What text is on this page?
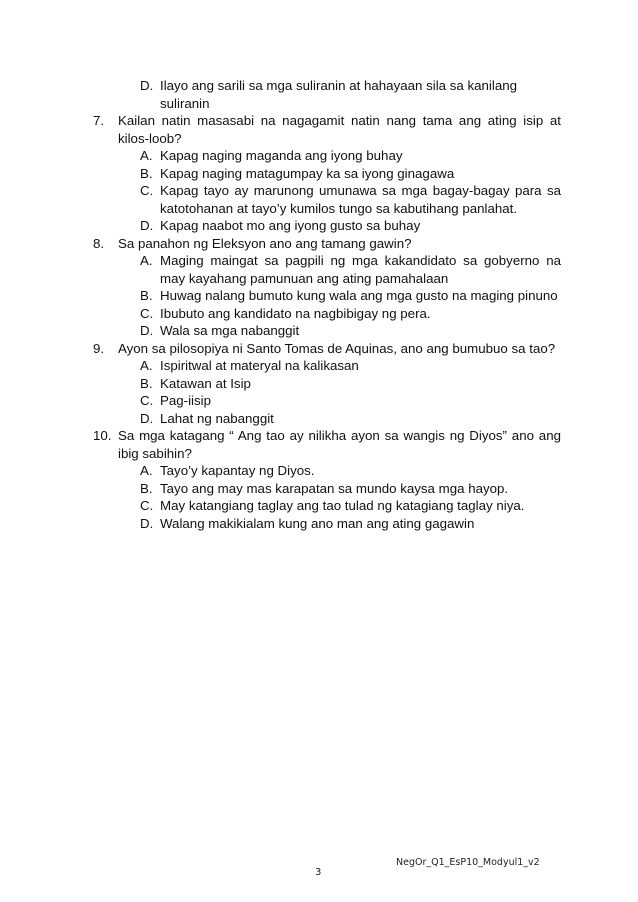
D. Ilayo ang sarili sa mga suliranin at hahayaan sila sa kanilang suliranin
7.	Kailan natin masasabi na nagagamit natin nang tama ang ating isip at kilos-loob?
A. Kapag naging maganda ang iyong buhay
B. Kapag naging matagumpay ka sa iyong ginagawa
C. Kapag tayo ay marunong umunawa sa mga bagay-bagay para sa katotohanan at tayo’y kumilos tungo sa kabutihang panlahat.
D. Kapag naabot mo ang iyong gusto sa buhay
8.	Sa panahon ng Eleksyon ano ang tamang gawin?
A. Maging maingat sa pagpili ng mga kakandidato sa gobyerno na may kayahang pamunuan ang ating pamahalaan
B. Huwag nalang bumuto kung wala ang mga gusto na maging pinuno
C. Ibubuto ang kandidato na nagbibigay ng pera.
D. Wala sa mga nabanggit
9.	Ayon sa pilosopiya ni Santo Tomas de Aquinas, ano ang bumubuo sa tao?
A. Ispiritwal at materyal na kalikasan
B. Katawan at Isip
C. Pag-iisip
D. Lahat ng nabanggit
10. Sa mga katagang “ Ang tao ay nilikha ayon sa wangis ng Diyos” ano ang ibig sabihin?
A. Tayo’y kapantay ng Diyos.
B. Tayo ang may mas karapatan sa mundo kaysa mga hayop.
C. May katangiang taglay ang tao tulad ng katagiang taglay niya.
D. Walang makikialam kung ano man ang ating gagawin
3
NegOr_Q1_EsP10_Modyul1_v2
